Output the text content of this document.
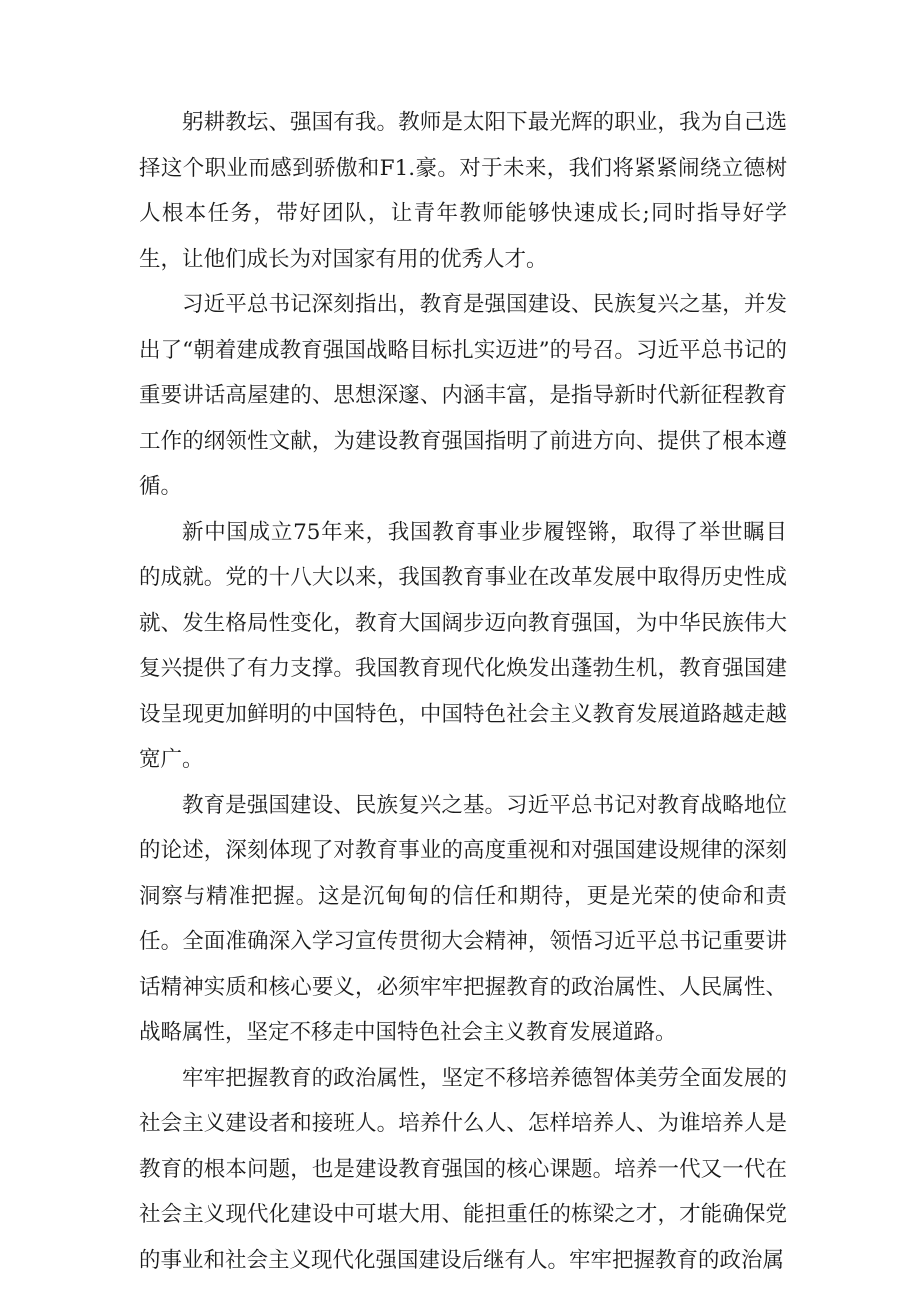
躬耕教坛、强国有我。教师是太阳下最光辉的职业，我为自己选择这个职业而感到骄傲和F1.豪。对于未来，我们将紧紧闹绕立德树人根本任务，带好团队，让青年教师能够快速成长;同时指导好学生，让他们成长为对国家有用的优秀人才。

习近平总书记深刻指出，教育是强国建设、民族复兴之基，并发出了“朝着建成教育强国战略目标扎实迈进”的号召。习近平总书记的重要讲话高屋建的、思想深邃、内涵丰富，是指导新时代新征程教育工作的纲领性文献，为建设教育强国指明了前进方向、提供了根本遵循。

新中国成立75年来，我国教育事业步履铿锵，取得了举世瞩目的成就。党的十八大以来，我国教育事业在改革发展中取得历史性成就、发生格局性变化，教育大国阔步迈向教育强国，为中华民族伟大复兴提供了有力支撑。我国教育现代化焕发出蓬勃生机，教育强国建设呈现更加鲜明的中国特色，中国特色社会主义教育发展道路越走越宽广。

教育是强国建设、民族复兴之基。习近平总书记对教育战略地位的论述，深刻体现了对教育事业的高度重视和对强国建设规律的深刻洞察与精准把握。这是沉甸甸的信任和期待，更是光荣的使命和责任。全面准确深入学习宣传贯彻大会精神，领悟习近平总书记重要讲话精神实质和核心要义，必须牢牢把握教育的政治属性、人民属性、战略属性，坚定不移走中国特色社会主义教育发展道路。

牢牢把握教育的政治属性，坚定不移培养德智体美劳全面发展的社会主义建设者和接班人。培养什么人、怎样培养人、为谁培养人是教育的根本问题，也是建设教育强国的核心课题。培养一代又一代在社会主义现代化建设中可堪大用、能担重任的栋梁之才，才能确保党的事业和社会主义现代化强国建设后继有人。牢牢把握教育的政治属
